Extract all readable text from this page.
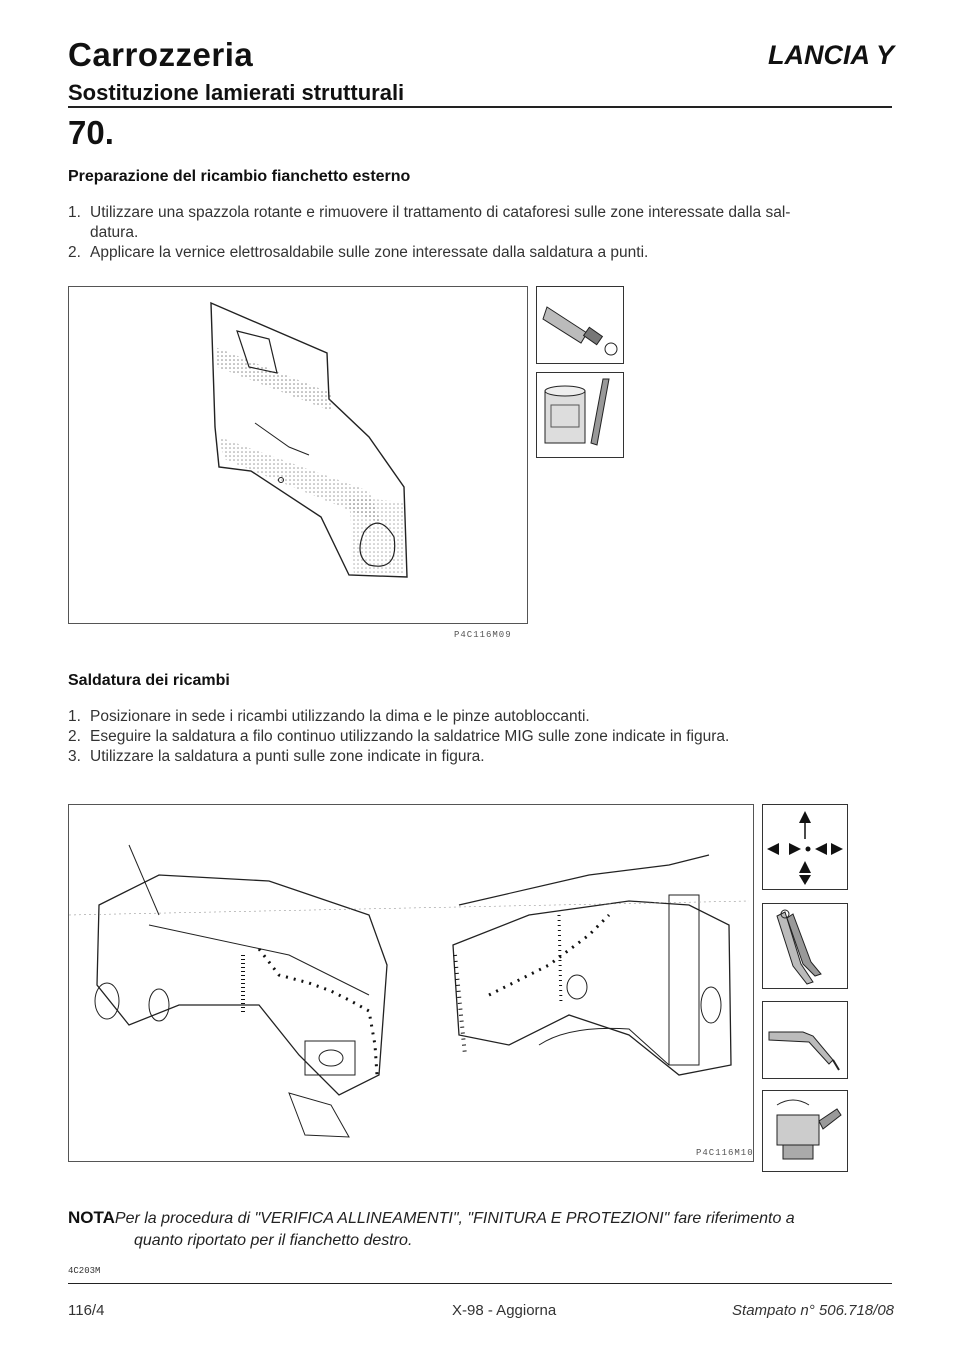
Carrozzeria	LANCIA Y
Sostituzione lamierati strutturali
70.
Preparazione del ricambio fianchetto esterno
1. Utilizzare una spazzola rotante e rimuovere il trattamento di cataforesi sulle zone interessate dalla sal-
datura.
2. Applicare la vernice elettrosaldabile sulle zone interessate dalla saldatura a punti.
P4C116M09
Saldatura dei ricambi
1. Posizionare in sede i ricambi utilizzando la dima e le pinze autobloccanti.
2. Eseguire la saldatura a filo continuo utilizzando la saldatrice MIG sulle zone indicate in figura.
3. Utilizzare la saldatura a punti sulle zone indicate in figura.
P4C116M10
NOTAPer la procedura di "VERIFICA ALLINEAMENTI", "FINITURA E PROTEZIONI" fare riferimento a
quanto riportato per il fianchetto destro.
4C203M
116/4	X-98 - Aggiorna	Stampato n° 506.718/08
